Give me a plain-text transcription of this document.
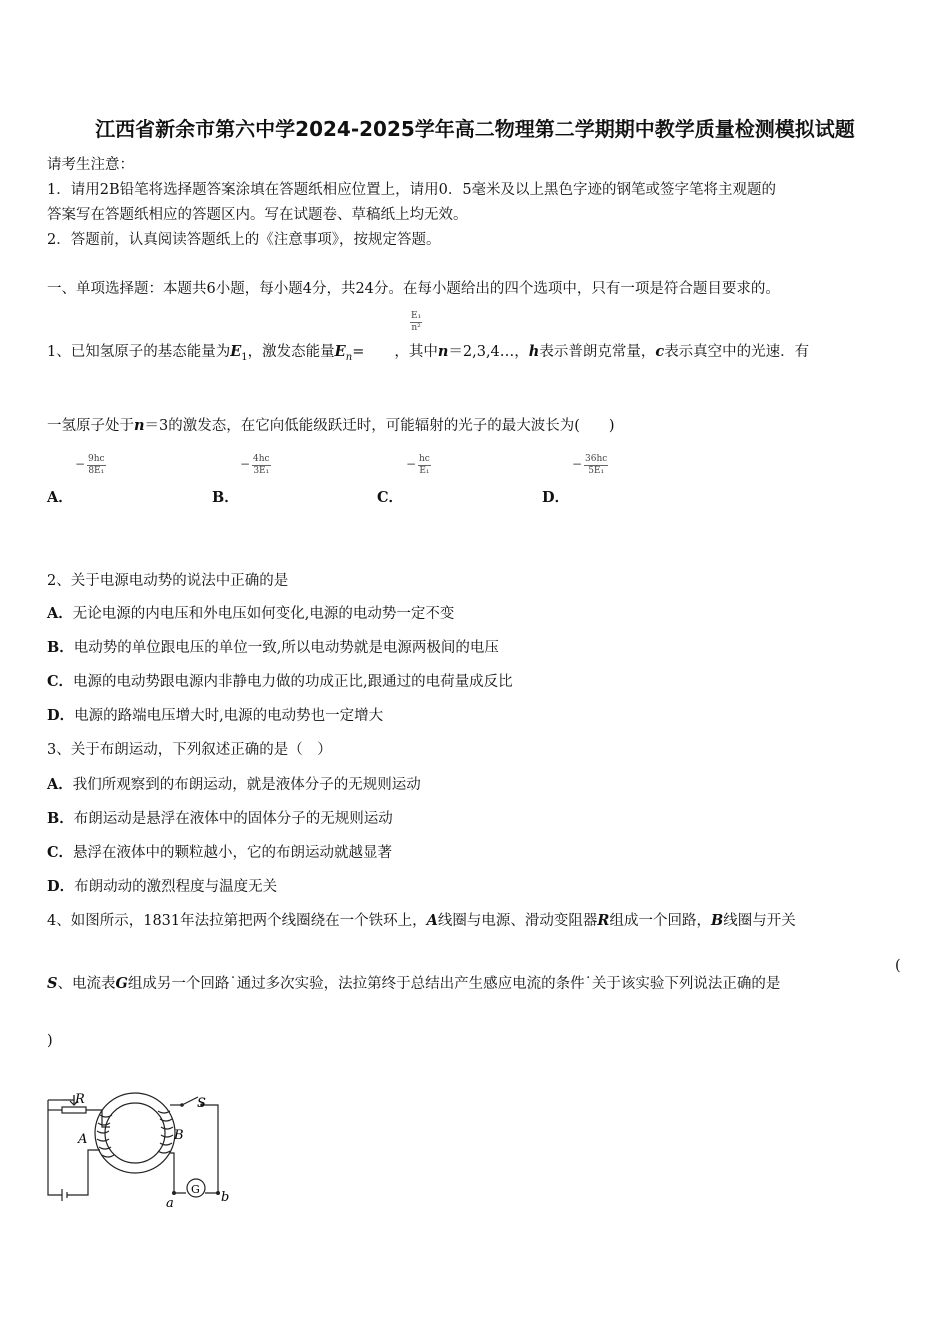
江西省新余市第六中学2024-2025学年高二物理第二学期期中教学质量检测模拟试题
请考生注意：
1．请用2B铅笔将选择题答案涂填在答题纸相应位置上，请用0．5毫米及以上黑色字迹的钢笔或签字笔将主观题的
答案写在答题纸相应的答题区内。写在试题卷、草稿纸上均无效。
2．答题前，认真阅读答题纸上的《注意事项》，按规定答题。
一、单项选择题：本题共6小题，每小题4分，共24分。在每小题给出的四个选项中，只有一项是符合题目要求的。
1、已知氢原子的基态能量为$E_1$，激发态能量$E_n=$ ，其中n＝2,3,4…，h表示普朗克常量，c表示真空中的光速．有
$\frac{\text{E₁}}{\text{n²}}$
一氢原子处于n＝3的激发态，在它向低能级跃迁时，可能辐射的光子的最大波长为(　　)
− $\frac{9hc}{\text{8E₁}}$
A．
− $\frac{4hc}{\text{3E₁}}$
B．
− $\frac{hc}{\text{E₁}}$
C．
− $\frac{36hc}{\text{5E₁}}$
D．
2、关于电源电动势的说法中正确的是
A．无论电源的内电压和外电压如何变化,电源的电动势一定不变
B．电动势的单位跟电压的单位一致,所以电动势就是电源两极间的电压
C．电源的电动势跟电源内非静电力做的功成正比,跟通过的电荷量成反比
D．电源的路端电压增大时,电源的电动势也一定增大
3、关于布朗运动，下列叙述正确的是（　）
A．我们所观察到的布朗运动，就是液体分子的无规则运动
B．布朗运动是悬浮在液体中的固体分子的无规则运动
C．悬浮在液体中的颗粒越小，它的布朗运动就越显著
D．布朗动动的激烈程度与温度无关
4、如图所示，1831年法拉第把两个线圈绕在一个铁环上，A线圈与电源、滑动变阻器R组成一个回路，B线圈与开关
S、电流表G组成另一个回路˙通过多次实验，法拉第终于总结出产生感应电流的条件˙关于该实验下列说法正确的是
(
)
R	S
A	B
G
a	b
